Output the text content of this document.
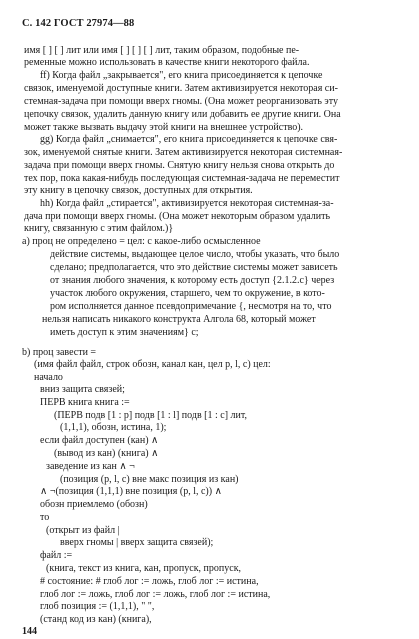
С. 142 ГОСТ 27974—88
имя [ ] [ ] лит или имя [ ] [ ] [ ] лит, таким образом, подобные пе-
ременные можно использовать в качестве книги некоторого файла.
ff) Когда файл „закрывается", его книга присоединяется к цепочке
связок, именуемой доступные книги. Затем активизируется некоторая си-
стемная-задача при помощи вверх гномы. (Она может реорганизовать эту
цепочку связок, удалить данную книгу или добавить ее другие книги. Она
может также вызвать выдачу этой книги на внешнее устройство).
gg) Когда файл „снимается", его книга присоединяется к цепочке свя-
зок, именуемой снятые книги. Затем активизируется некоторая системная-
задача при помощи вверх гномы. Снятую книгу нельзя снова открыть до
тех пор, пока какая-нибудь последующая системная-задача не переместит
эту книгу в цепочку связок, доступных для открытия.
hh) Когда файл „стирается", активизируется некоторая системная-за-
дача при помощи вверх гномы. (Она может некоторым образом удалить
книгу, связанную с этим файлом.)}
a) проц не определено = цел: с какое-либо осмысленное
действие системы, выдающее целое число, чтобы указать, что было
сделано; предполагается, что это действие системы может зависеть
от знания любого значения, к которому есть доступ {2.1.2.c} через
участок любого окружения, старшего, чем то окружение, в кото-
ром исполняется данное псевдопримечание {, несмотря на то, что
нельзя написать никакого конструкта Алгола 68, который может
иметь доступ к этим значениям} c;
b) проц завести =
(имя файл файл, строк обозн, канал кан, цел p, l, c) цел:
начало
вниз защита связей;
ПЕРВ книга книга :=
(ПЕРВ подв [1 : p] подв [1 : l] подв [1 : c] лит,
(1,1,1), обозн, истина, 1);
если файл доступен (кан) ∧
(вывод из кан) (книга) ∧
заведение из кан ∧ ¬
(позиция (p, l, c) вне макс позиция из кан)
∧ ¬(позиция (1,1,1) вне позиция (p, l, c)) ∧
обозн приемлемо (обозн)
то
(открыт из файл |
вверх гномы | вверх защита связей);
файл :=
(книга, текст из книга, кан, пропуск, пропуск,
# состояние: # глоб лог := ложь, глоб лог := истина,
глоб лог := ложь, глоб лог := ложь, глоб лог := истина,
глоб позиция := (1,1,1), " ",
(станд код из кан) (книга),
144
